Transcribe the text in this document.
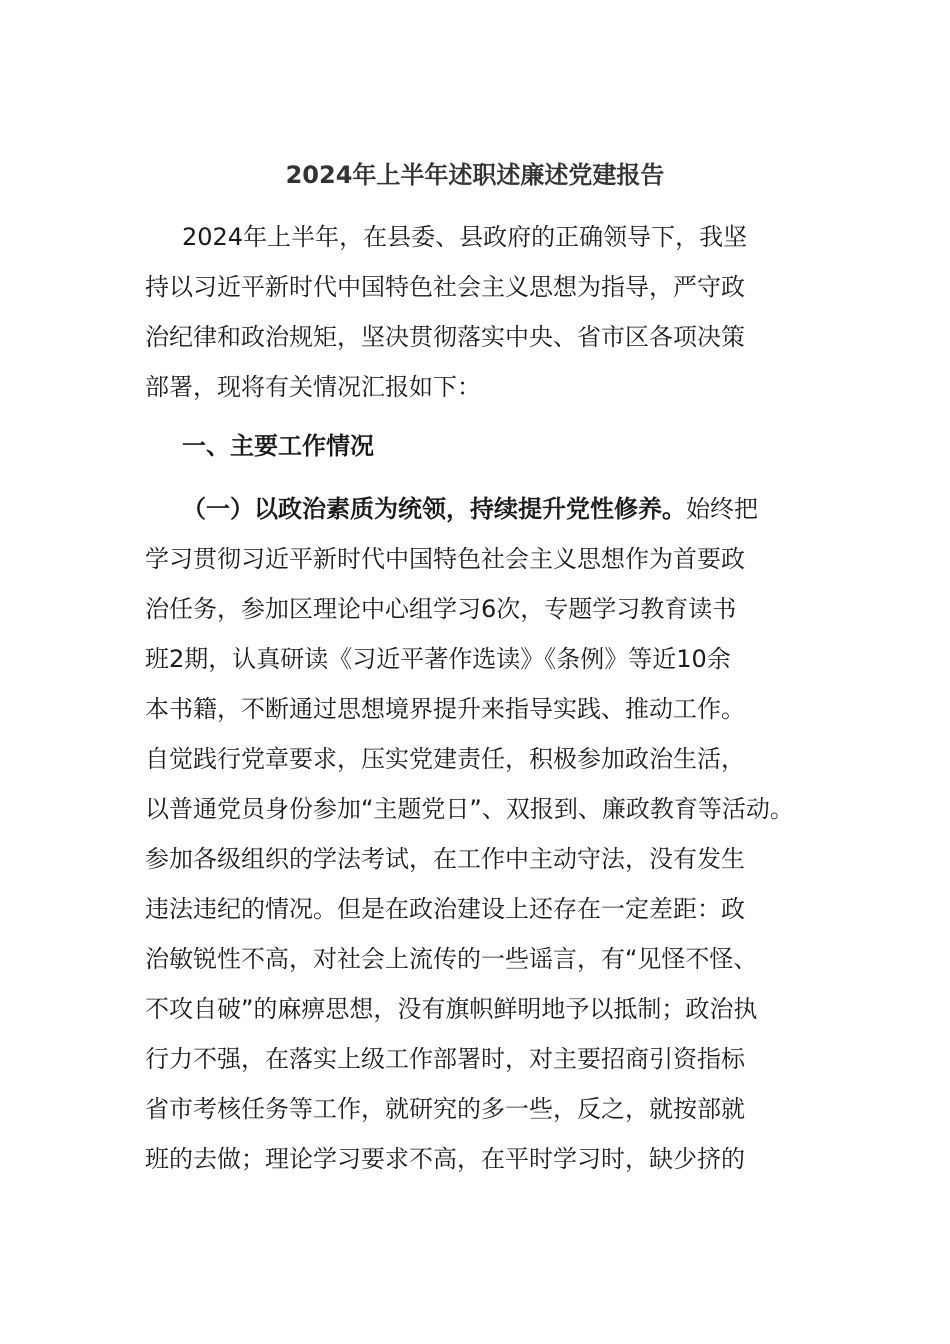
2024年上半年述职述廉述党建报告
2024年上半年，在县委、县政府的正确领导下，我坚
持以习近平新时代中国特色社会主义思想为指导，严守政
治纪律和政治规矩，坚决贯彻落实中央、省市区各项决策
部署，现将有关情况汇报如下：
一、主要工作情况
（一）以政治素质为统领，持续提升党性修养。始终把
学习贯彻习近平新时代中国特色社会主义思想作为首要政
治任务，参加区理论中心组学习6次，专题学习教育读书
班2期，认真研读《习近平著作选读》《条例》等近10余
本书籍，不断通过思想境界提升来指导实践、推动工作。
自觉践行党章要求，压实党建责任，积极参加政治生活，
以普通党员身份参加“主题党日”、双报到、廉政教育等活动。
参加各级组织的学法考试，在工作中主动守法，没有发生
违法违纪的情况。但是在政治建设上还存在一定差距：政
治敏锐性不高，对社会上流传的一些谣言，有“见怪不怪、
不攻自破”的麻痹思想，没有旗帜鲜明地予以抵制；政治执
行力不强，在落实上级工作部署时，对主要招商引资指标
省市考核任务等工作，就研究的多一些，反之，就按部就
班的去做；理论学习要求不高，在平时学习时，缺少挤的
